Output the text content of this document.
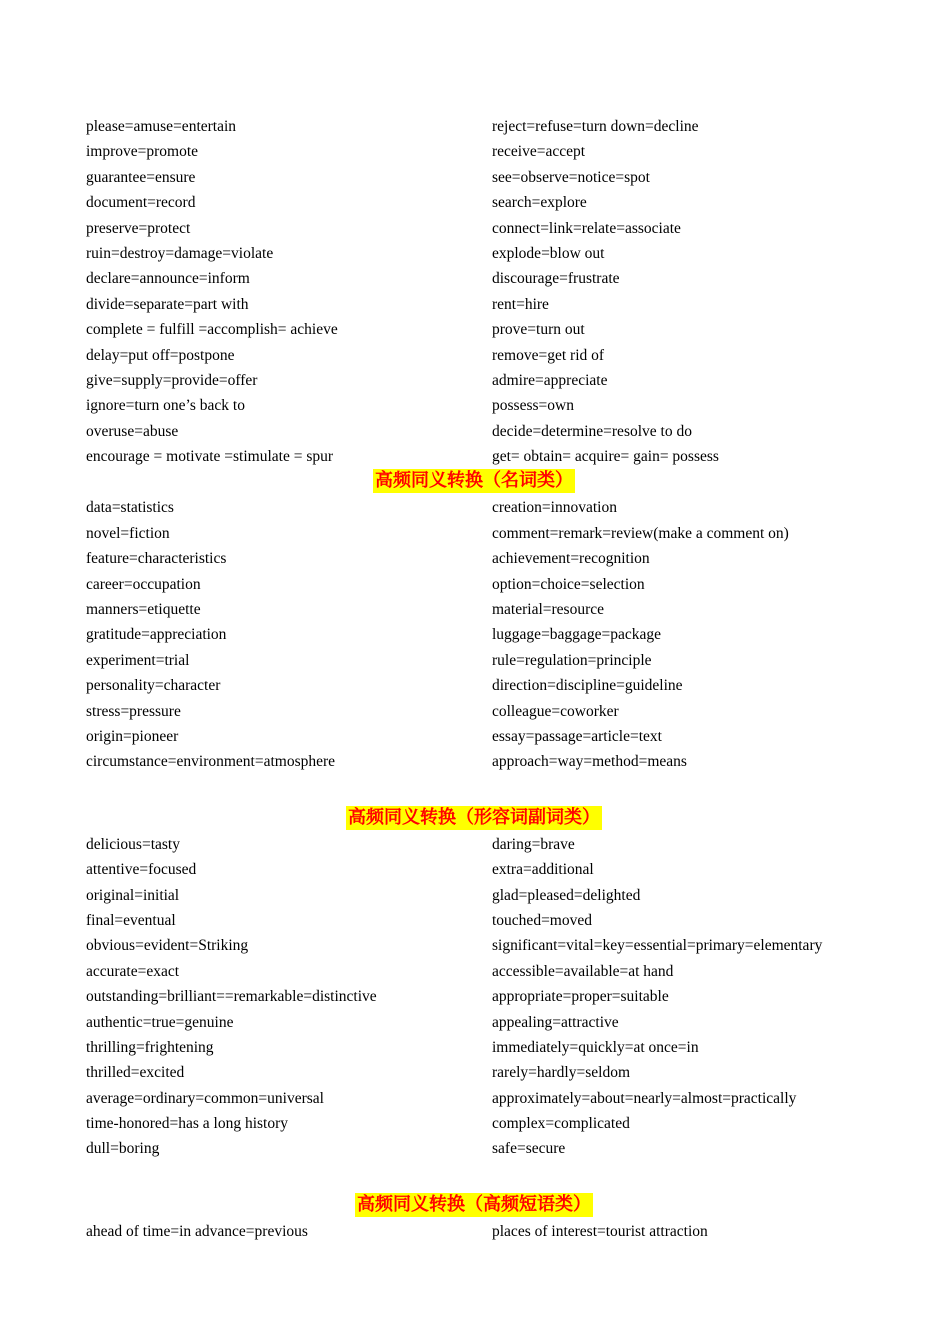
please=amuse=entertain	reject=refuse=turn down=decline
improve=promote	receive=accept
guarantee=ensure	see=observe=notice=spot
document=record	search=explore
preserve=protect	connect=link=relate=associate
ruin=destroy=damage=violate	explode=blow out
declare=announce=inform	discourage=frustrate
divide=separate=part with	rent=hire
complete = fulfill =accomplish= achieve	prove=turn out
delay=put off=postpone	remove=get rid of
give=supply=provide=offer	admire=appreciate
ignore=turn one’s back to	possess=own
overuse=abuse	decide=determine=resolve to do
encourage = motivate =stimulate = spur	get= obtain= acquire= gain= possess
高频同义转换（名词类）
data=statistics	creation=innovation
novel=fiction	comment=remark=review(make a comment on)
feature=characteristics	achievement=recognition
career=occupation	option=choice=selection
manners=etiquette	material=resource
gratitude=appreciation	luggage=baggage=package
experiment=trial	rule=regulation=principle
personality=character	direction=discipline=guideline
stress=pressure	colleague=coworker
origin=pioneer	essay=passage=article=text
circumstance=environment=atmosphere	approach=way=method=means
高频同义转换（形容词副词类）
delicious=tasty	daring=brave
attentive=focused	extra=additional
original=initial	glad=pleased=delighted
final=eventual	touched=moved
obvious=evident=Striking	significant=vital=key=essential=primary=elementary
accurate=exact	accessible=available=at hand
outstanding=brilliant==remarkable=distinctive	appropriate=proper=suitable
authentic=true=genuine	appealing=attractive
thrilling=frightening	immediately=quickly=at once=in
thrilled=excited	rarely=hardly=seldom
average=ordinary=common=universal	approximately=about=nearly=almost=practically
time-honored=has a long history	complex=complicated
dull=boring	safe=secure
高频同义转换（高频短语类）
ahead of time=in advance=previous	places of interest=tourist attraction
